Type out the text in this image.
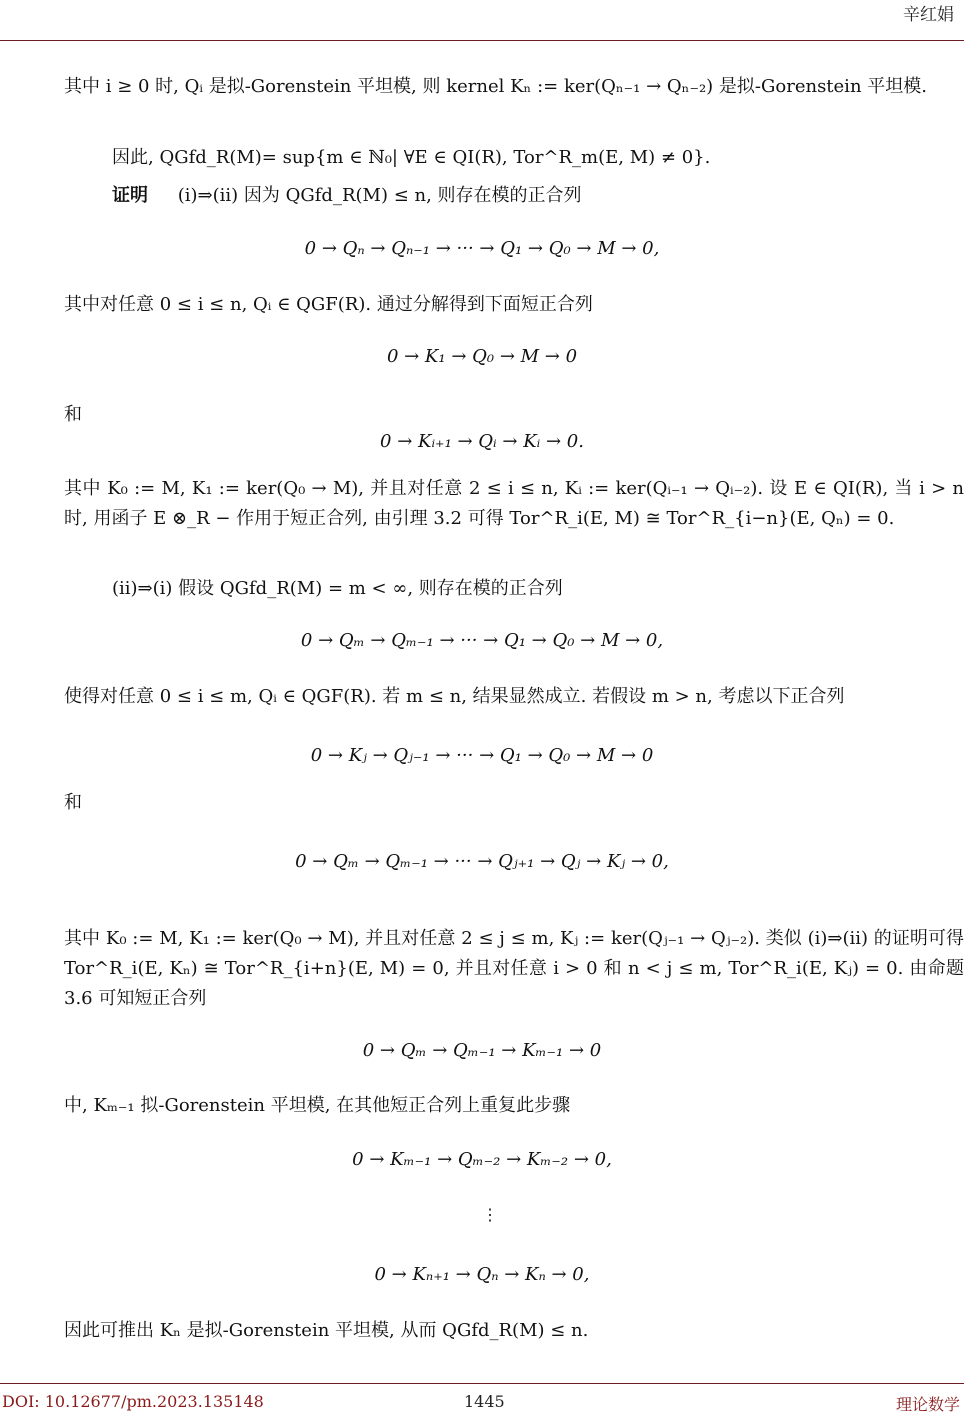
辛红娟
其中 i ≥ 0 时, Qᵢ 是拟-Gorenstein 平坦模, 则 kernel Kₙ := ker(Qₙ₋₁ → Qₙ₋₂) 是拟-Gorenstein 平坦模.
因此, QGfd_R(M)= sup{m ∈ ℕ₀| ∀E ∈ QI(R), Tor^R_m(E, M) ≠ 0}.
证明 (i)⇒(ii) 因为 QGfd_R(M) ≤ n, 则存在模的正合列
0 → Qₙ → Qₙ₋₁ → ··· → Q₁ → Q₀ → M → 0,
其中对任意 0 ≤ i ≤ n, Qᵢ ∈ QGF(R). 通过分解得到下面短正合列
0 → K₁ → Q₀ → M → 0
和
0 → Kᵢ₊₁ → Qᵢ → Kᵢ → 0.
其中 K₀ := M, K₁ := ker(Q₀ → M), 并且对任意 2 ≤ i ≤ n, Kᵢ := ker(Qᵢ₋₁ → Qᵢ₋₂). 设 E ∈ QI(R), 当 i > n 时, 用函子 E ⊗_R − 作用于短正合列, 由引理 3.2 可得 Tor^R_i(E, M) ≅ Tor^R_{i−n}(E, Qₙ) = 0.
(ii)⇒(i) 假设 QGfd_R(M) = m < ∞, 则存在模的正合列
0 → Qₘ → Qₘ₋₁ → ··· → Q₁ → Q₀ → M → 0,
使得对任意 0 ≤ i ≤ m, Qᵢ ∈ QGF(R). 若 m ≤ n, 结果显然成立. 若假设 m > n, 考虑以下正合列
0 → Kⱼ → Qⱼ₋₁ → ··· → Q₁ → Q₀ → M → 0
和
0 → Qₘ → Qₘ₋₁ → ··· → Qⱼ₊₁ → Qⱼ → Kⱼ → 0,
其中 K₀ := M, K₁ := ker(Q₀ → M), 并且对任意 2 ≤ j ≤ m, Kⱼ := ker(Qⱼ₋₁ → Qⱼ₋₂). 类似 (i)⇒(ii) 的证明可得 Tor^R_i(E, Kₙ) ≅ Tor^R_{i+n}(E, M) = 0, 并且对任意 i > 0 和 n < j ≤ m, Tor^R_i(E, Kⱼ) = 0. 由命题 3.6 可知短正合列
0 → Qₘ → Qₘ₋₁ → Kₘ₋₁ → 0
中, Kₘ₋₁ 拟-Gorenstein 平坦模, 在其他短正合列上重复此步骤
0 → Kₘ₋₁ → Qₘ₋₂ → Kₘ₋₂ → 0,
⋮
0 → Kₙ₊₁ → Qₙ → Kₙ → 0,
因此可推出 Kₙ 是拟-Gorenstein 平坦模, 从而 QGfd_R(M) ≤ n.
DOI: 10.12677/pm.2023.135148	1445	理论数学
